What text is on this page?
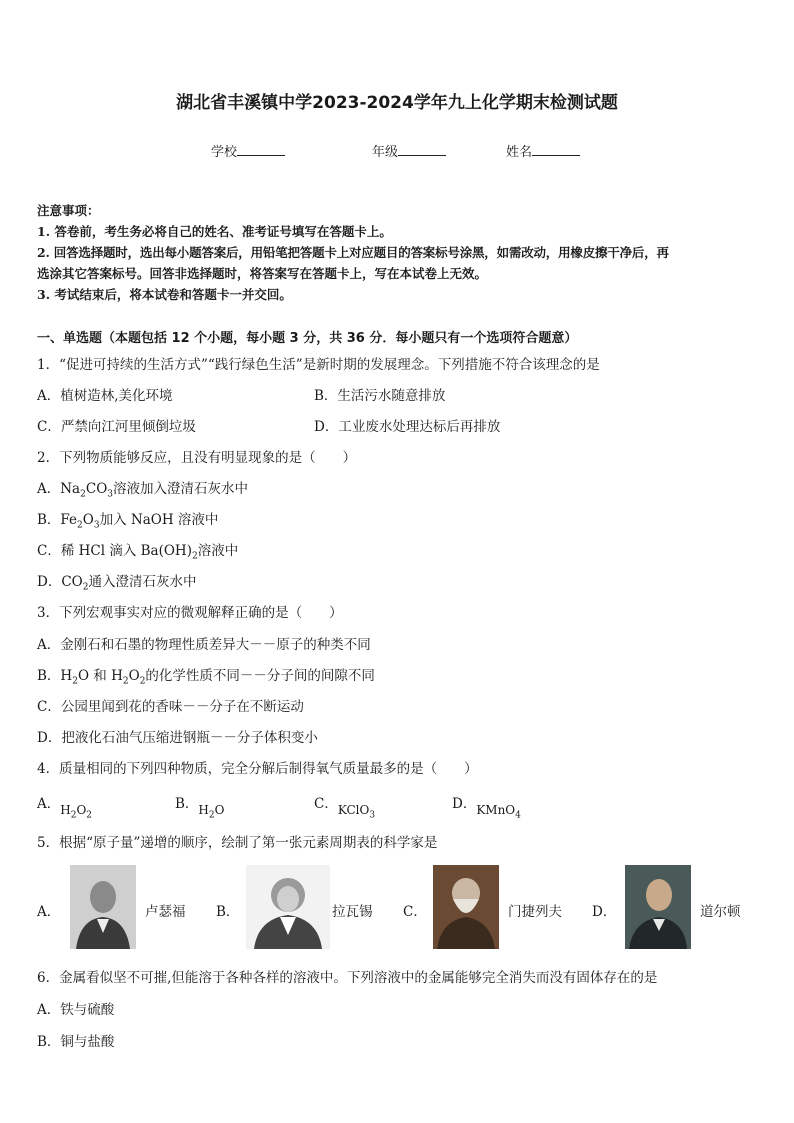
湖北省丰溪镇中学2023-2024学年九上化学期末检测试题
学校	年级	姓名
注意事项：
1. 答卷前，考生务必将自己的姓名、准考证号填写在答题卡上。
2. 回答选择题时，选出每小题答案后，用铅笔把答题卡上对应题目的答案标号涂黑，如需改动，用橡皮擦干净后，再
选涂其它答案标号。回答非选择题时，将答案写在答题卡上，写在本试卷上无效。
3. 考试结束后，将本试卷和答题卡一并交回。
一、单选题（本题包括 12 个小题，每小题 3 分，共 36 分．每小题只有一个选项符合题意）
1．“促进可持续的生活方式”“践行绿色生活”是新时期的发展理念。下列措施不符合该理念的是
A．植树造林,美化环境	B．生活污水随意排放
C．严禁向江河里倾倒垃圾	D．工业废水处理达标后再排放
2．下列物质能够反应，且没有明显现象的是（　　）
A．$Na_2CO_3$溶液加入澄清石灰水中
B．$Fe_2O_3$加入 NaOH 溶液中
C．稀 HCl 滴入 $Ba(OH)_2$溶液中
D．$CO_2$通入澄清石灰水中
3．下列宏观事实对应的微观解释正确的是（　　）
A．金刚石和石墨的物理性质差异大－－原子的种类不同
B．$H_2O$ 和 $H_2O_2$的化学性质不同－－分子间的间隙不同
C．公园里闻到花的香味－－分子在不断运动
D．把液化石油气压缩进钢瓶－－分子体积变小
4．质量相同的下列四种物质，完全分解后制得氧气质量最多的是（　　）
A．$H_2O_2$
B．$H_2O$	C．KClO$_3$
D．KMnO$_4$
5．根据“原子量”递增的顺序，绘制了第一张元素周期表的科学家是
A．	卢瑟福 B．	拉瓦锡 C．	门捷列夫 D．	道尔顿
6．金属看似坚不可摧,但能溶于各种各样的溶液中。下列溶液中的金属能够完全消失而没有固体存在的是
A．铁与硫酸
B．铜与盐酸
